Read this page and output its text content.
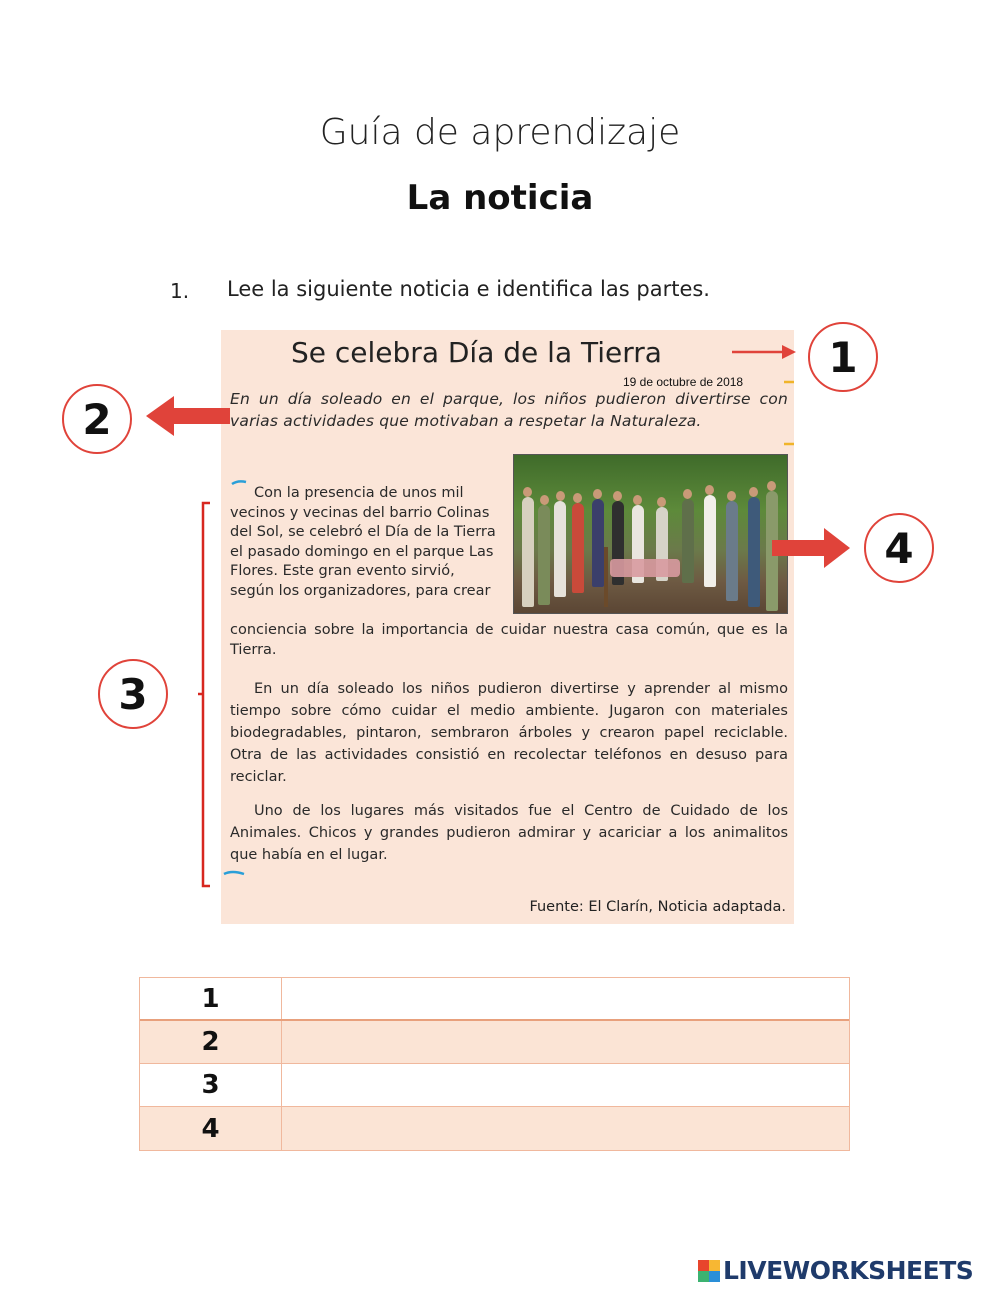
Guía de aprendizaje
La noticia
1. Lee la siguiente noticia e identifica las partes.
Se celebra Día de la Tierra
19 de octubre de 2018
En un día soleado en el parque, los niños pudieron divertirse con varias actividades que motivaban a respetar la Naturaleza.
Con la presencia de unos mil vecinos y vecinas del barrio Colinas del Sol, se celebró el Día de la Tierra el pasado domingo en el parque Las Flores. Este gran evento sirvió, según los organizadores, para crear
conciencia sobre la importancia de cuidar nuestra casa común, que es la Tierra.
En un día soleado los niños pudieron divertirse y aprender al mismo tiempo sobre cómo cuidar el medio ambiente. Jugaron con materiales biodegradables, pintaron, sembraron árboles y crearon papel reciclable. Otra de las actividades consistió en recolectar teléfonos en desuso para reciclar.
Uno de los lugares más visitados fue el Centro de Cuidado de los Animales. Chicos y grandes pudieron admirar y acariciar a los animalitos que había en el lugar.
Fuente: El Clarín, Noticia adaptada.
1
2
3
4
1
2
3
4
LIVEWORKSHEETS
